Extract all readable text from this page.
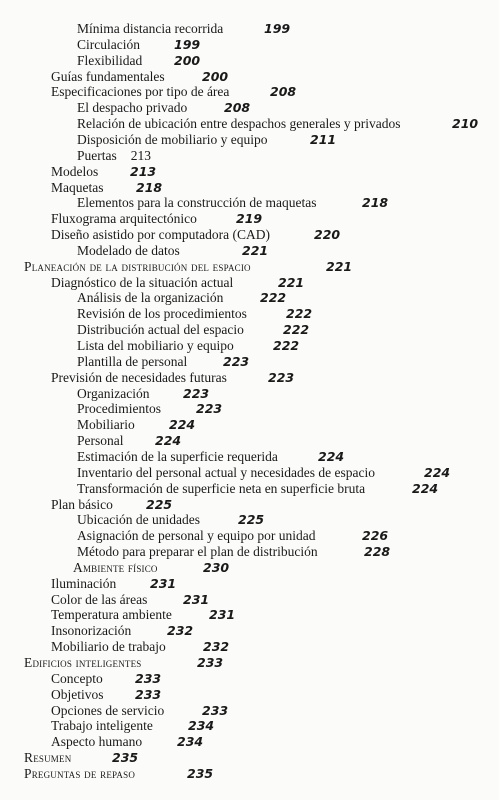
Mínima distancia recorrida	199
Circulación	199
Flexibilidad	200
Guías fundamentales	200
Especificaciones por tipo de área	208
El despacho privado	208
Relación de ubicación entre despachos generales y privados	210
Disposición de mobiliario y equipo	211
Puertas 213
Modelos	213
Maquetas	218
Elementos para la construcción de maquetas	218
Fluxograma arquitectónico	219
Diseño asistido por computadora (CAD)	220
Modelado de datos	221
Planeación de la distribución del espacio	221
Diagnóstico de la situación actual	221
Análisis de la organización	222
Revisión de los procedimientos	222
Distribución actual del espacio	222
Lista del mobiliario y equipo	222
Plantilla de personal	223
Previsión de necesidades futuras	223
Organización	223
Procedimientos	223
Mobiliario	224
Personal	224
Estimación de la superficie requerida	224
Inventario del personal actual y necesidades de espacio	224
Transformación de superficie neta en superficie bruta	224
Plan básico	225
Ubicación de unidades	225
Asignación de personal y equipo por unidad	226
Método para preparar el plan de distribución	228
Ambiente físico	230
Iluminación	231
Color de las áreas	231
Temperatura ambiente	231
Insonorización	232
Mobiliario de trabajo	232
Edificios inteligentes	233
Concepto	233
Objetivos	233
Opciones de servicio	233
Trabajo inteligente	234
Aspecto humano	234
Resumen	235
Preguntas de repaso	235
